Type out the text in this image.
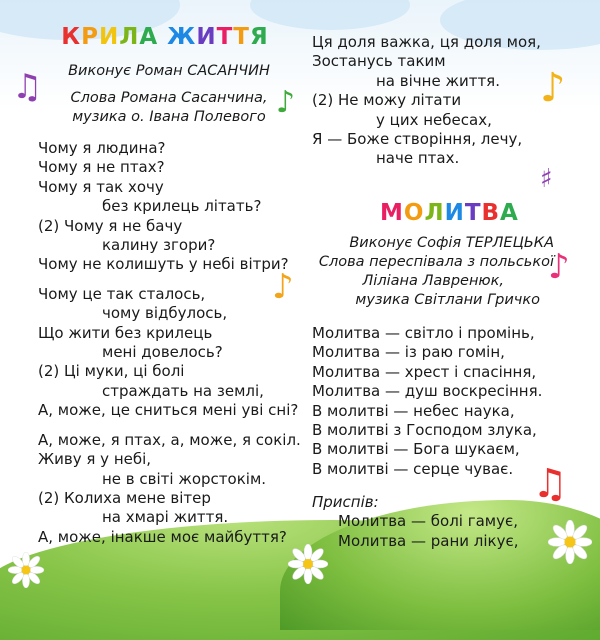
♫	♪
♪
♪
♯
♪
♫
КРИЛА ЖИТТЯ
Виконує Роман САСАНЧИН
Слова Романа Сасанчина,
музика о. Івана Полевого
Чому я людина?
Чому я не птах?
Чому я так хочу
без крилець літать?
(2) Чому я не бачу
калину згори?
Чому не колишуть у небі вітри?
Чому це так сталось,
чому відбулось,
Що жити без крилець
мені довелось?
(2) Ці муки, ці болі
страждать на землі,
А, може, це сниться мені уві сні?
А, може, я птах, а, може, я сокіл.
Живу я у небі,
не в світі жорстокім.
(2) Колиха мене вітер
на хмарі життя.
А, може, інакше моє майбуття?
Ця доля важка, ця доля моя,
Зостанусь таким
на вічне життя.
(2) Не можу літати
у цих небесах,
Я — Боже створіння, лечу,
наче птах.
МОЛИТВА
Виконує Софія ТЕРЛЕЦЬКА
Слова переспівала з польської
Ліліана Лавренюк,
музика Світлани Гричко
Молитва — світло і промінь,
Молитва — із раю гомін,
Молитва — хрест і спасіння,
Молитва — душ воскресіння.
В молитві — небес наука,
В молитві з Господом злука,
В молитві — Бога шукаєм,
В молитві — серце чуває.
Приспів:
Молитва — болі гамує,
Молитва — рани лікує,
